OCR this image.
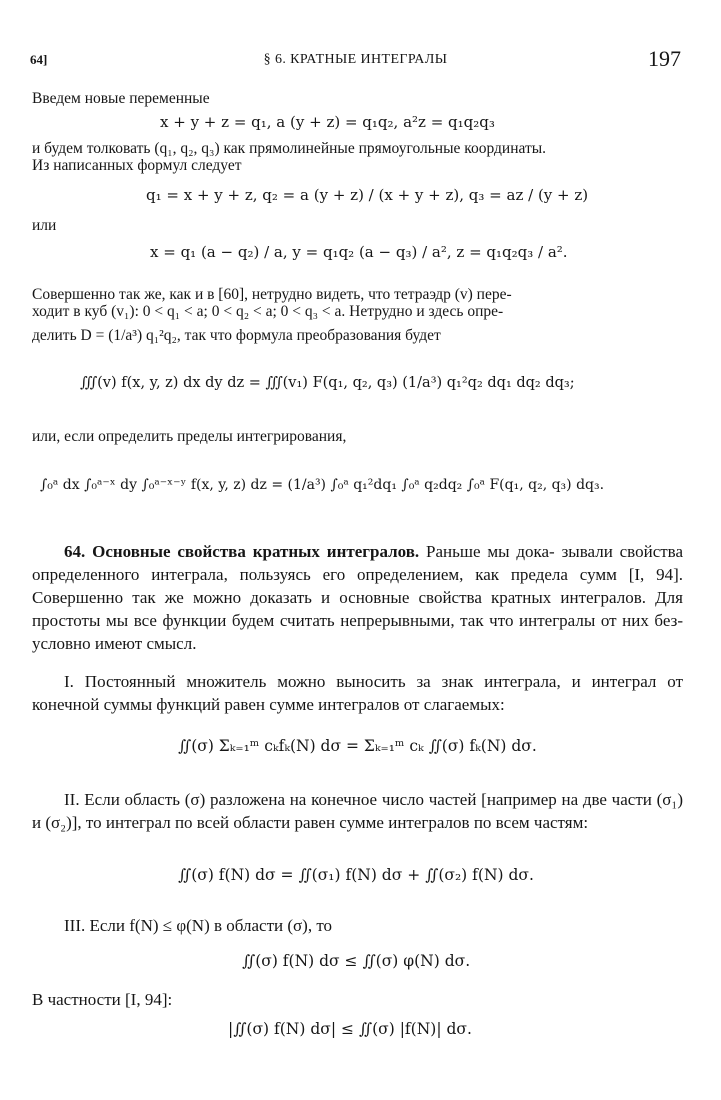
64]	§ 6. КРАТНЫЕ ИНТЕГРАЛЫ	197
Введем новые переменные
x + y + z = q₁, a (y + z) = q₁q₂, a²z = q₁q₂q₃
и будем толковать (q₁, q₂, q₃) как прямолинейные прямоугольные координаты.
Из написанных формул следует
q₁ = x + y + z, q₂ = a (y + z) / (x + y + z), q₃ = az / (y + z)
или
x = q₁ (a − q₂) / a, y = q₁q₂ (a − q₃) / a², z = q₁q₂q₃ / a².
Совершенно так же, как и в [60], нетрудно видеть, что тетраэдр (v) пере-
ходит в куб (v₁): 0 < q₁ < a; 0 < q₂ < a; 0 < q₃ < a. Нетрудно и здесь опре-
делить D = (1/a³) q₁²q₂, так что формула преобразования будет
∭(v) f(x, y, z) dx dy dz = ∭(v₁) F(q₁, q₂, q₃) (1/a³) q₁²q₂ dq₁ dq₂ dq₃;
или, если определить пределы интегрирования,
∫₀ᵃ dx ∫₀ᵃ⁻ˣ dy ∫₀ᵃ⁻ˣ⁻ʸ f(x, y, z) dz = (1/a³) ∫₀ᵃ q₁²dq₁ ∫₀ᵃ q₂dq₂ ∫₀ᵃ F(q₁, q₂, q₃) dq₃.
64. Основные свойства кратных интегралов. Раньше мы дока- зывали свойства определенного интеграла, пользуясь его определением, как предела сумм [I, 94]. Совершенно так же можно доказать и основные свойства кратных интегралов. Для простоты мы все функции будем считать непрерывными, так что интегралы от них безусловно имеют смысл.
I. Постоянный множитель можно выносить за знак интеграла, и интеграл от конечной суммы функций равен сумме интегралов от слагаемых:
∬(σ) Σₖ₌₁ᵐ cₖfₖ(N) dσ = Σₖ₌₁ᵐ cₖ ∬(σ) fₖ(N) dσ.
II. Если область (σ) разложена на конечное число частей [например на две части (σ₁) и (σ₂)], то интеграл по всей области равен сумме интегралов по всем частям:
∬(σ) f(N) dσ = ∬(σ₁) f(N) dσ + ∬(σ₂) f(N) dσ.
III. Если f(N) ≤ φ(N) в области (σ), то
∬(σ) f(N) dσ ≤ ∬(σ) φ(N) dσ.
В частности [I, 94]:
|∬(σ) f(N) dσ| ≤ ∬(σ) |f(N)| dσ.
